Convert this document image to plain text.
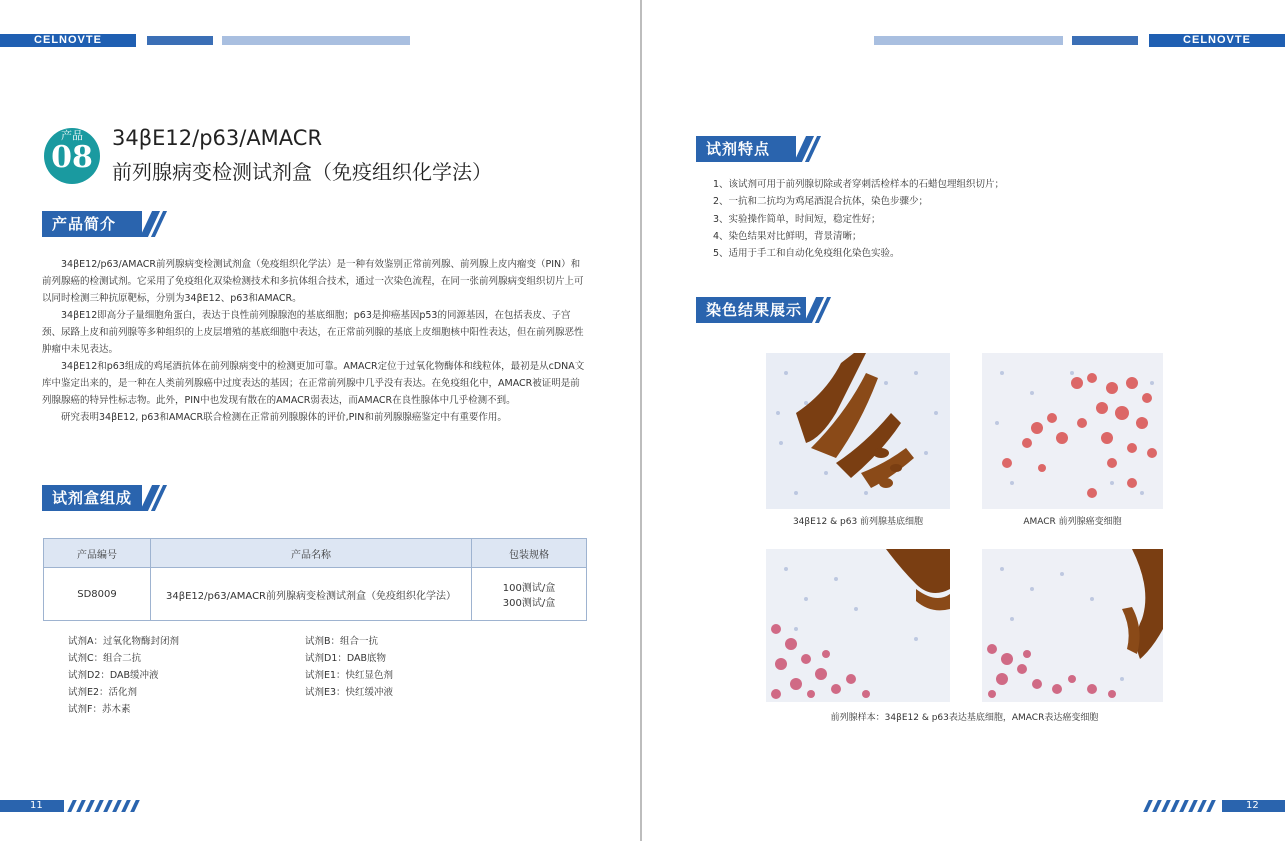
CELNOVTE
产品
08
34βE12/p63/AMACR
前列腺病变检测试剂盒（免疫组织化学法）
产品简介

34βE12/p63/AMACR前列腺病变检测试剂盒（免疫组织化学法）是一种有效鉴别正常前列腺、前列腺上皮内瘤变（PIN）和前列腺癌的检测试剂。它采用了免疫组化双染检测技术和多抗体组合技术，通过一次染色流程，在同一张前列腺病变组织切片上可以同时检测三种抗原靶标，分别为34βE12、p63和AMACR。

34βE12即高分子量细胞角蛋白，表达于良性前列腺腺泡的基底细胞；p63是抑癌基因p53的同源基因，在包括表皮、子宫颈、尿路上皮和前列腺等多种组织的上皮层增殖的基底细胞中表达，在正常前列腺的基底上皮细胞核中阳性表达，但在前列腺恶性肿瘤中未见表达。

34βE12和p63组成的鸡尾酒抗体在前列腺病变中的检测更加可靠。AMACR定位于过氧化物酶体和线粒体，最初是从cDNA文库中鉴定出来的，是一种在人类前列腺癌中过度表达的基因；在正常前列腺中几乎没有表达。在免疫组化中，AMACR被证明是前列腺腺癌的特异性标志物。此外，PIN中也发现有散在的AMACR弱表达，而AMACR在良性腺体中几乎检测不到。

研究表明34βE12, p63和AMACR联合检测在正常前列腺腺体的评价,PIN和前列腺腺癌鉴定中有重要作用。

试剂盒组成
产品编号	产品名称	包装规格
SD8009	34βE12/p63/AMACR前列腺病变检测试剂盒（免疫组织化学法）	100测试/盒
300测试/盒
试剂A：过氧化物酶封闭剂	试剂B：组合一抗
试剂C：组合二抗	试剂D1：DAB底物
试剂D2：DAB缓冲液	试剂E1：快红显色剂
试剂E2：活化剂	试剂E3：快红缓冲液
试剂F：苏木素
11
CELNOVTE
试剂特点
1、该试剂可用于前列腺切除或者穿刺活检样本的石蜡包埋组织切片；
2、一抗和二抗均为鸡尾酒混合抗体，染色步骤少；
3、实验操作简单，时间短，稳定性好；
4、染色结果对比鲜明，背景清晰；
5、适用于手工和自动化免疫组化染色实验。
染色结果展示
34βE12 & p63 前列腺基底细胞	AMACR 前列腺癌变细胞
前列腺样本：34βE12 & p63表达基底细胞，AMACR表达癌变细胞
12
